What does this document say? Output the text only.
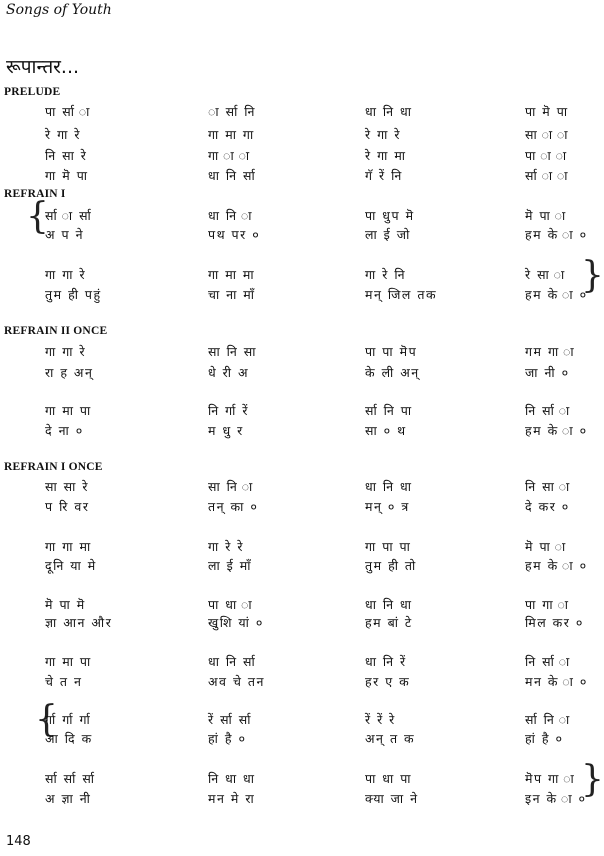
Songs of Youth
रूपान्तर...
PRELUDE
पा र्सा ा	ा र्सा नि	धा नि धा	पा मॆ पा
रे गा रे	गा मा गा	रे गा रे	सा ा ा
नि सा रे	गा ा ा	रे गा मा	पा ा ा
गा मॆ पा	धा नि र्सा	गॅ रें नि	र्सा ा ा
REFRAIN I
{
र्सा ा र्सा	धा नि ा	पा धुप मॆ	मॆ पा ा
अ प ने	पथ पर ०	ला ई जो	हम के ा ०
}
गा गा रे	गा मा मा	गा रे नि	रे सा ा
तुम ही पहुं	चा ना माँ	मन् जिल तक	हम के ा ०
REFRAIN II ONCE
गा गा रे	सा नि सा	पा पा मॆप	गम गा ा
रा ह अन्	धे री अ	के ली अन्	जा नी ०
गा मा पा	नि र्गा रें	र्सा नि पा	नि र्सा ा
दे ना ०	म धु र	सा ० थ	हम के ा ०
REFRAIN I ONCE
सा सा रे	सा नि ा	धा नि धा	नि सा ा
प रि वर	तन् का ०	मन् ० त्र	दे कर ०
गा गा मा	गा रे रे	गा पा पा	मॆ पा ा
दूनि या मे	ला ई माँ	तुम ही तो	हम के ा ०
मॆ पा मॆ	पा धा ा	धा नि धा	पा गा ा
ज्ञा आन और	खुशि यां ०	हम बां टे	मिल कर ०
गा मा पा	धा नि र्सा	धा नि रें	नि र्सा ा
चे त न	अव चे तन	हर ए क	मन के ा ०
{
र्गा र्गा र्गा	रें र्सा र्सा	रें रें रे	र्सा नि ा
आ दि क	हां है ०	अन् त क	हां है ०
}
र्सा र्सा र्सा	नि धा धा	पा धा पा	मॆप गा ा
अ ज्ञा नी	मन मे रा	क्या जा ने	इन के ा ०
148
